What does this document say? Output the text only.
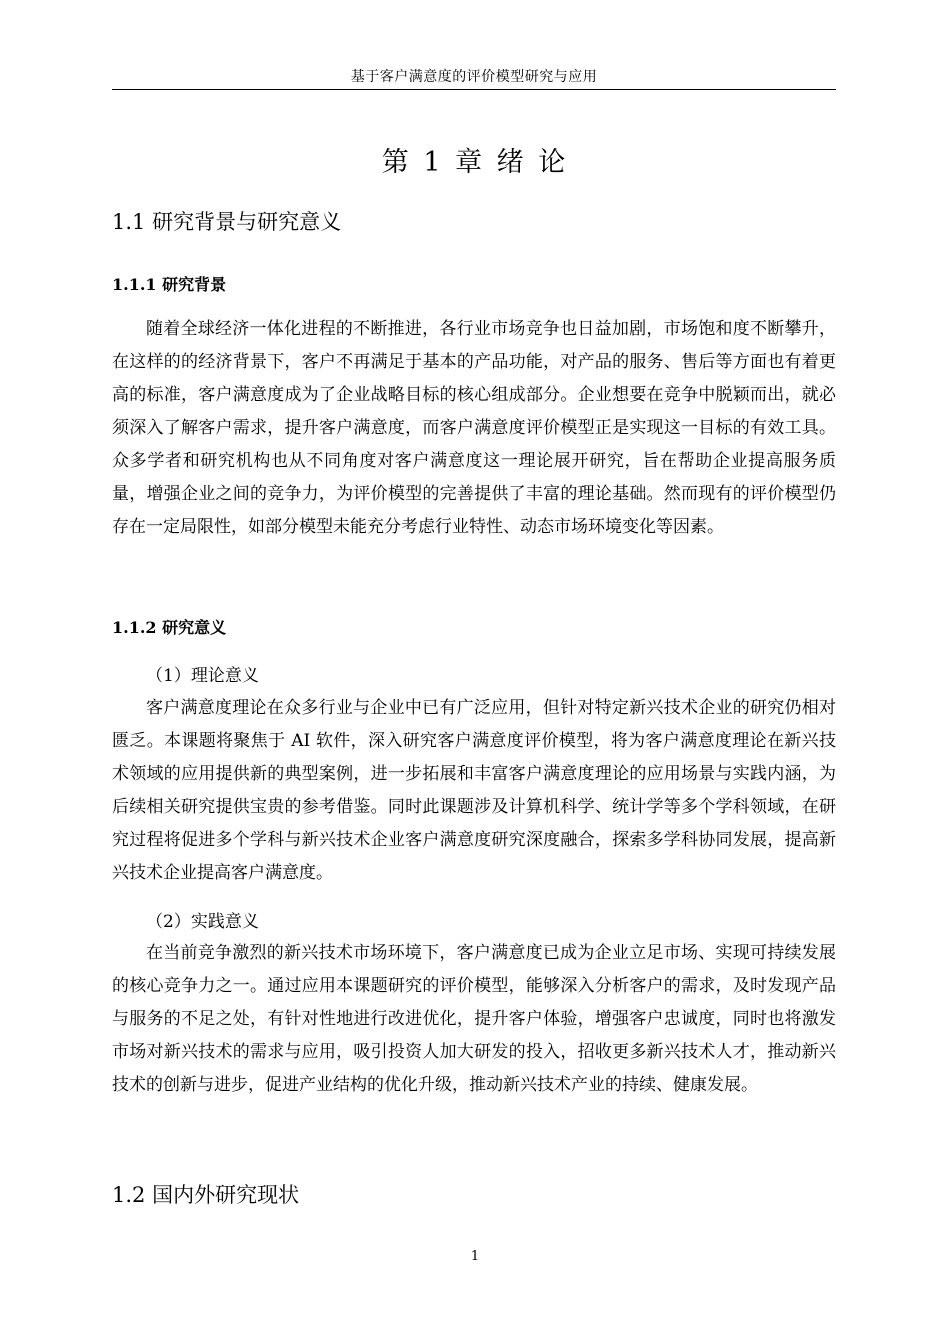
基于客户满意度的评价模型研究与应用
第 1 章 绪 论
1.1 研究背景与研究意义
1.1.1 研究背景

随着全球经济一体化进程的不断推进，各行业市场竞争也日益加剧，市场饱和度不断攀升，在这样的的经济背景下，客户不再满足于基本的产品功能，对产品的服务、售后等方面也有着更高的标准，客户满意度成为了企业战略目标的核心组成部分。企业想要在竞争中脱颖而出，就必须深入了解客户需求，提升客户满意度，而客户满意度评价模型正是实现这一目标的有效工具。众多学者和研究机构也从不同角度对客户满意度这一理论展开研究，旨在帮助企业提高服务质量，增强企业之间的竞争力，为评价模型的完善提供了丰富的理论基础。然而现有的评价模型仍存在一定局限性，如部分模型未能充分考虑行业特性、动态市场环境变化等因素。

1.1.2 研究意义
（1）理论意义

客户满意度理论在众多行业与企业中已有广泛应用，但针对特定新兴技术企业的研究仍相对匮乏。本课题将聚焦于 AI 软件，深入研究客户满意度评价模型，将为客户满意度理论在新兴技术领域的应用提供新的典型案例，进一步拓展和丰富客户满意度理论的应用场景与实践内涵，为后续相关研究提供宝贵的参考借鉴。同时此课题涉及计算机科学、统计学等多个学科领域，在研究过程将促进多个学科与新兴技术企业客户满意度研究深度融合，探索多学科协同发展，提高新兴技术企业提高客户满意度。

（2）实践意义

在当前竞争激烈的新兴技术市场环境下，客户满意度已成为企业立足市场、实现可持续发展的核心竞争力之一。通过应用本课题研究的评价模型，能够深入分析客户的需求，及时发现产品与服务的不足之处，有针对性地进行改进优化，提升客户体验，增强客户忠诚度，同时也将激发市场对新兴技术的需求与应用，吸引投资人加大研发的投入，招收更多新兴技术人才，推动新兴技术的创新与进步，促进产业结构的优化升级，推动新兴技术产业的持续、健康发展。

1.2 国内外研究现状
1
